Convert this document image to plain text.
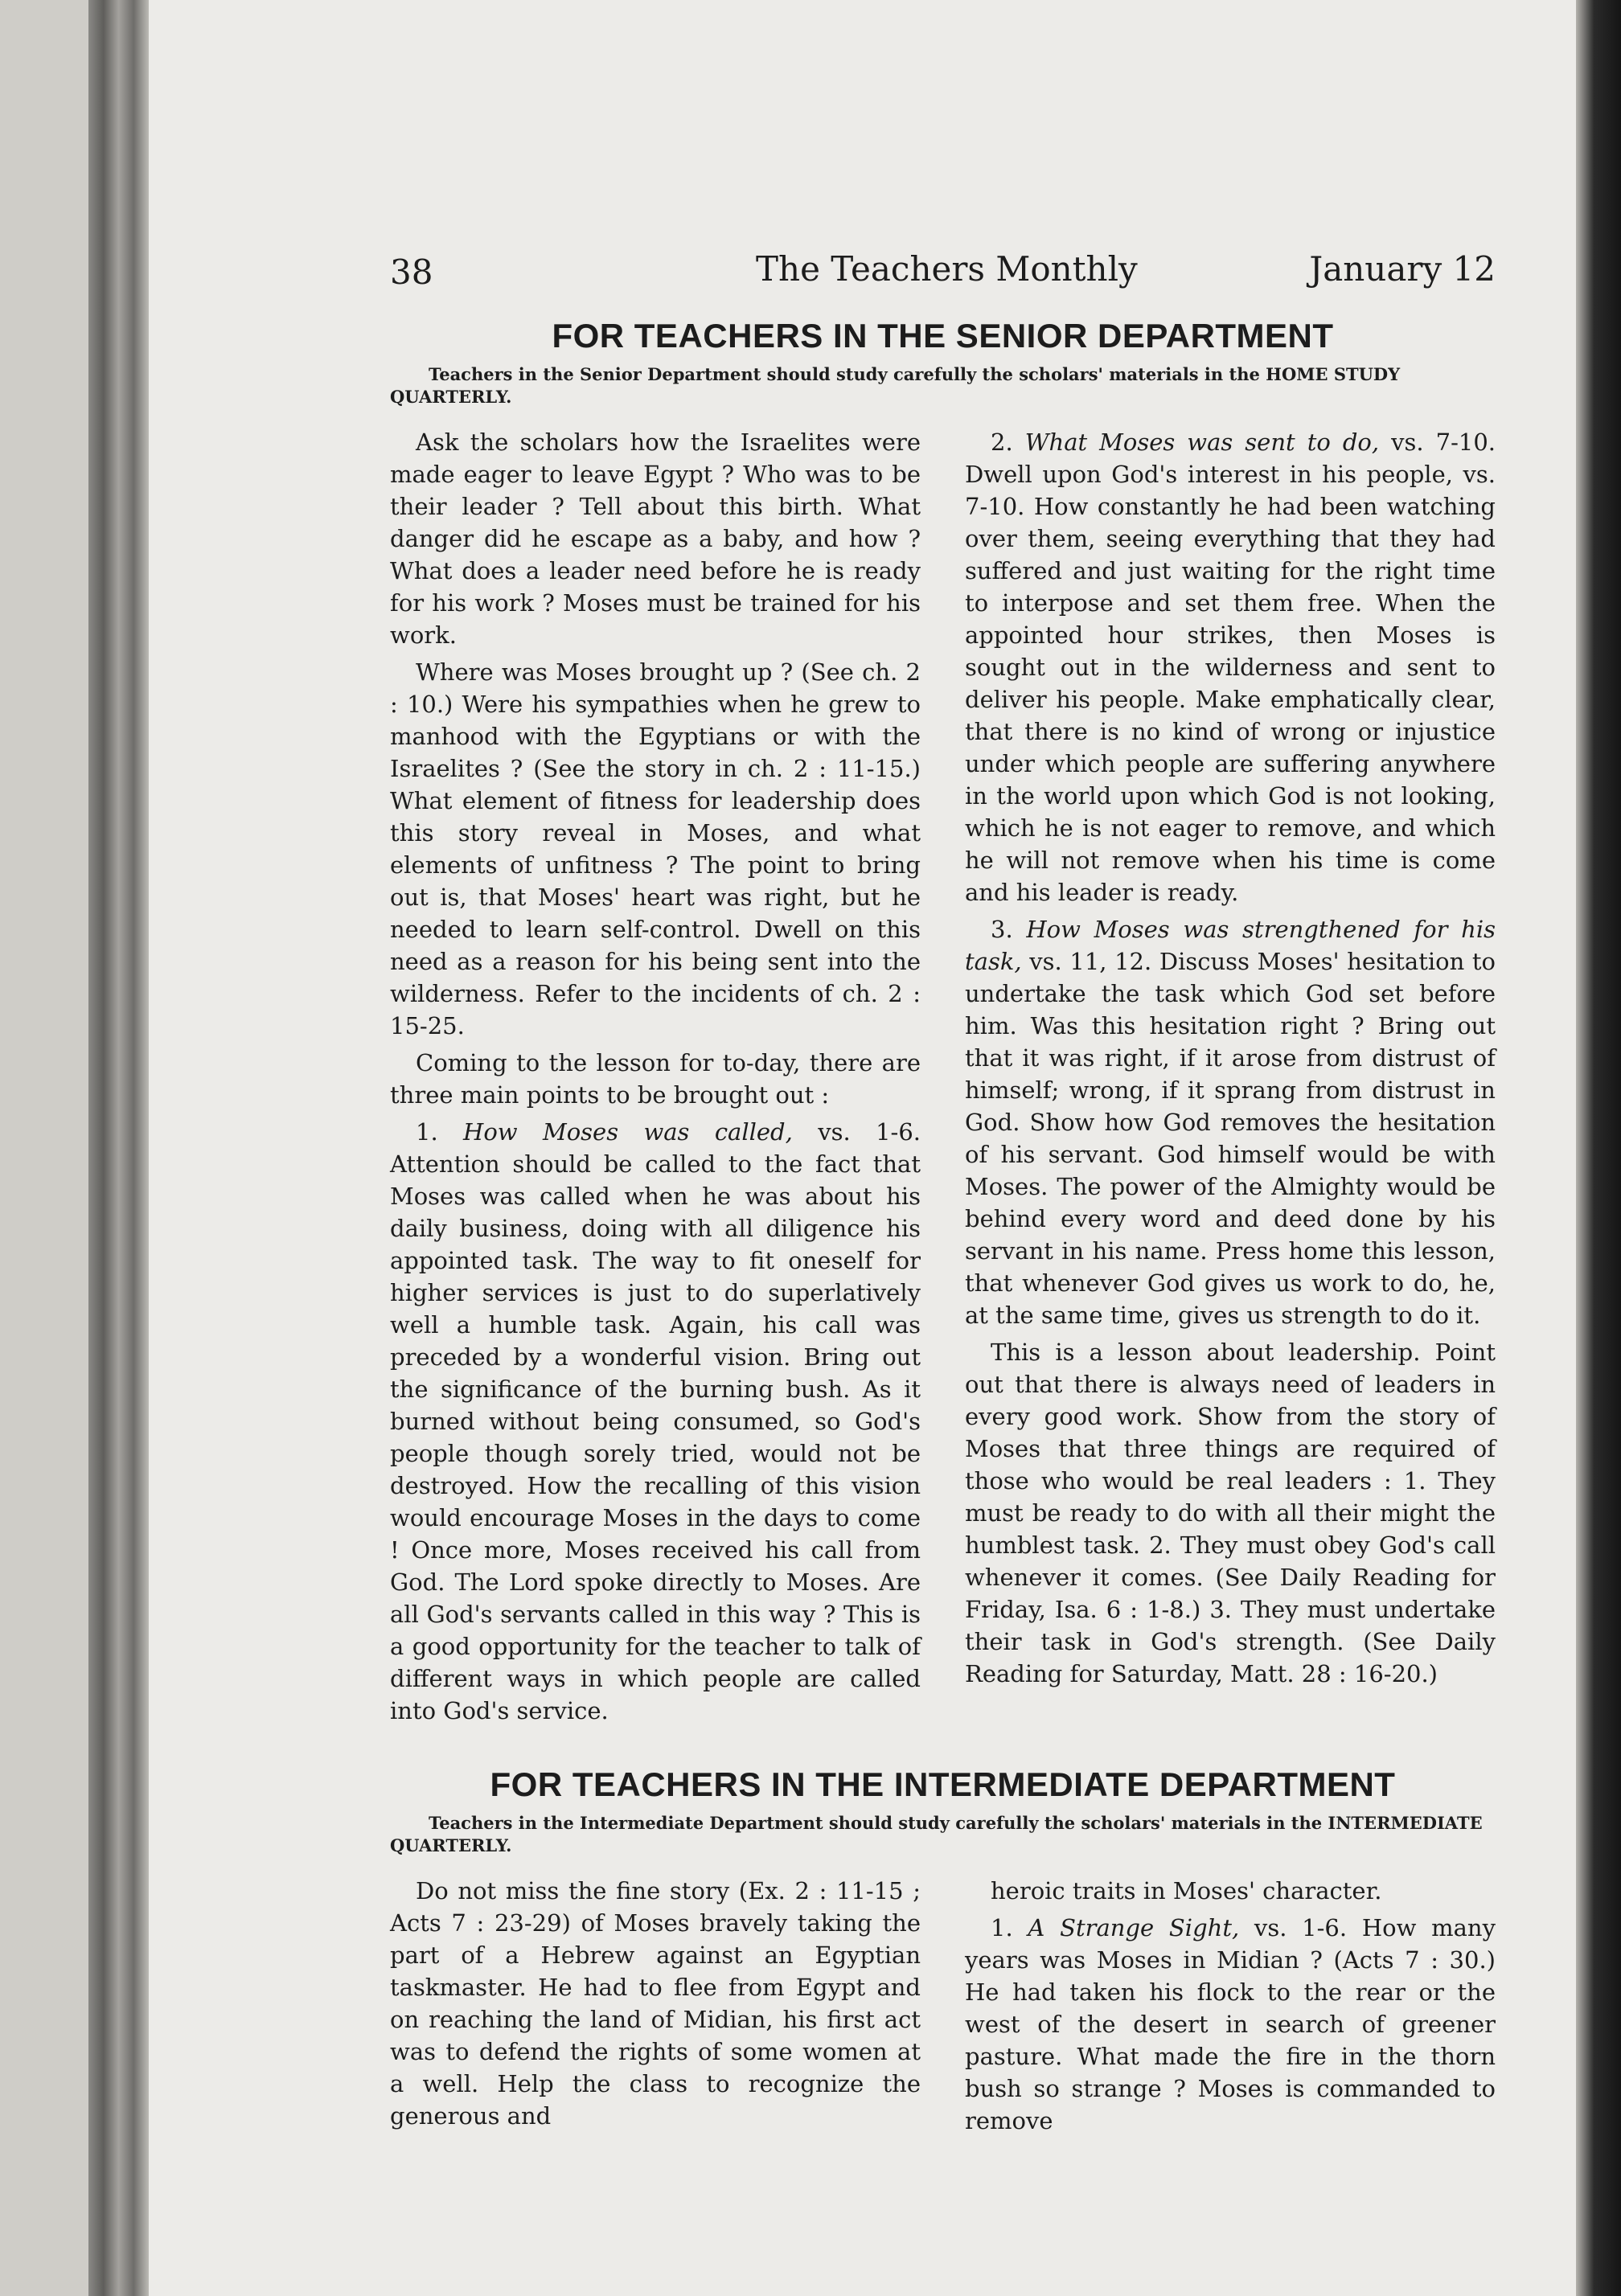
38	The Teachers Monthly	January 12
FOR TEACHERS IN THE SENIOR DEPARTMENT
Teachers in the Senior Department should study carefully the scholars' materials in the HOME STUDY QUARTERLY.

Ask the scholars how the Israelites were made eager to leave Egypt ? Who was to be their leader ? Tell about this birth. What danger did he escape as a baby, and how ? What does a leader need before he is ready for his work ? Moses must be trained for his work.

Where was Moses brought up ? (See ch. 2 : 10.) Were his sympathies when he grew to manhood with the Egyptians or with the Israelites ? (See the story in ch. 2 : 11-15.) What element of fitness for leadership does this story reveal in Moses, and what elements of unfitness ? The point to bring out is, that Moses' heart was right, but he needed to learn self-control. Dwell on this need as a reason for his being sent into the wilderness. Refer to the incidents of ch. 2 : 15-25.

Coming to the lesson for to-day, there are three main points to be brought out :

1. How Moses was called, vs. 1-6. Attention should be called to the fact that Moses was called when he was about his daily business, doing with all diligence his appointed task. The way to fit oneself for higher services is just to do superlatively well a humble task. Again, his call was preceded by a wonderful vision. Bring out the significance of the burning bush. As it burned without being consumed, so God's people though sorely tried, would not be destroyed. How the recalling of this vision would encourage Moses in the days to come ! Once more, Moses received his call from God. The Lord spoke directly to Moses. Are all God's servants called in this way ? This is a good opportunity for the teacher to talk of different ways in which people are called into God's service.

2. What Moses was sent to do, vs. 7-10. Dwell upon God's interest in his people, vs. 7-10. How constantly he had been watching over them, seeing everything that they had suffered and just waiting for the right time to interpose and set them free. When the appointed hour strikes, then Moses is sought out in the wilderness and sent to deliver his people. Make emphatically clear, that there is no kind of wrong or injustice under which people are suffering anywhere in the world upon which God is not looking, which he is not eager to remove, and which he will not remove when his time is come and his leader is ready.

3. How Moses was strengthened for his task, vs. 11, 12. Discuss Moses' hesitation to undertake the task which God set before him. Was this hesitation right ? Bring out that it was right, if it arose from distrust of himself; wrong, if it sprang from distrust in God. Show how God removes the hesitation of his servant. God himself would be with Moses. The power of the Almighty would be behind every word and deed done by his servant in his name. Press home this lesson, that whenever God gives us work to do, he, at the same time, gives us strength to do it.

This is a lesson about leadership. Point out that there is always need of leaders in every good work. Show from the story of Moses that three things are required of those who would be real leaders : 1. They must be ready to do with all their might the humblest task. 2. They must obey God's call whenever it comes. (See Daily Reading for Friday, Isa. 6 : 1-8.) 3. They must undertake their task in God's strength. (See Daily Reading for Saturday, Matt. 28 : 16-20.)

FOR TEACHERS IN THE INTERMEDIATE DEPARTMENT
Teachers in the Intermediate Department should study carefully the scholars' materials in the INTERMEDIATE QUARTERLY.

Do not miss the fine story (Ex. 2 : 11-15 ; Acts 7 : 23-29) of Moses bravely taking the part of a Hebrew against an Egyptian taskmaster. He had to flee from Egypt and on reaching the land of Midian, his first act was to defend the rights of some women at a well. Help the class to recognize the generous and

heroic traits in Moses' character.

1. A Strange Sight, vs. 1-6. How many years was Moses in Midian ? (Acts 7 : 30.) He had taken his flock to the rear or the west of the desert in search of greener pasture. What made the fire in the thorn bush so strange ? Moses is commanded to remove
